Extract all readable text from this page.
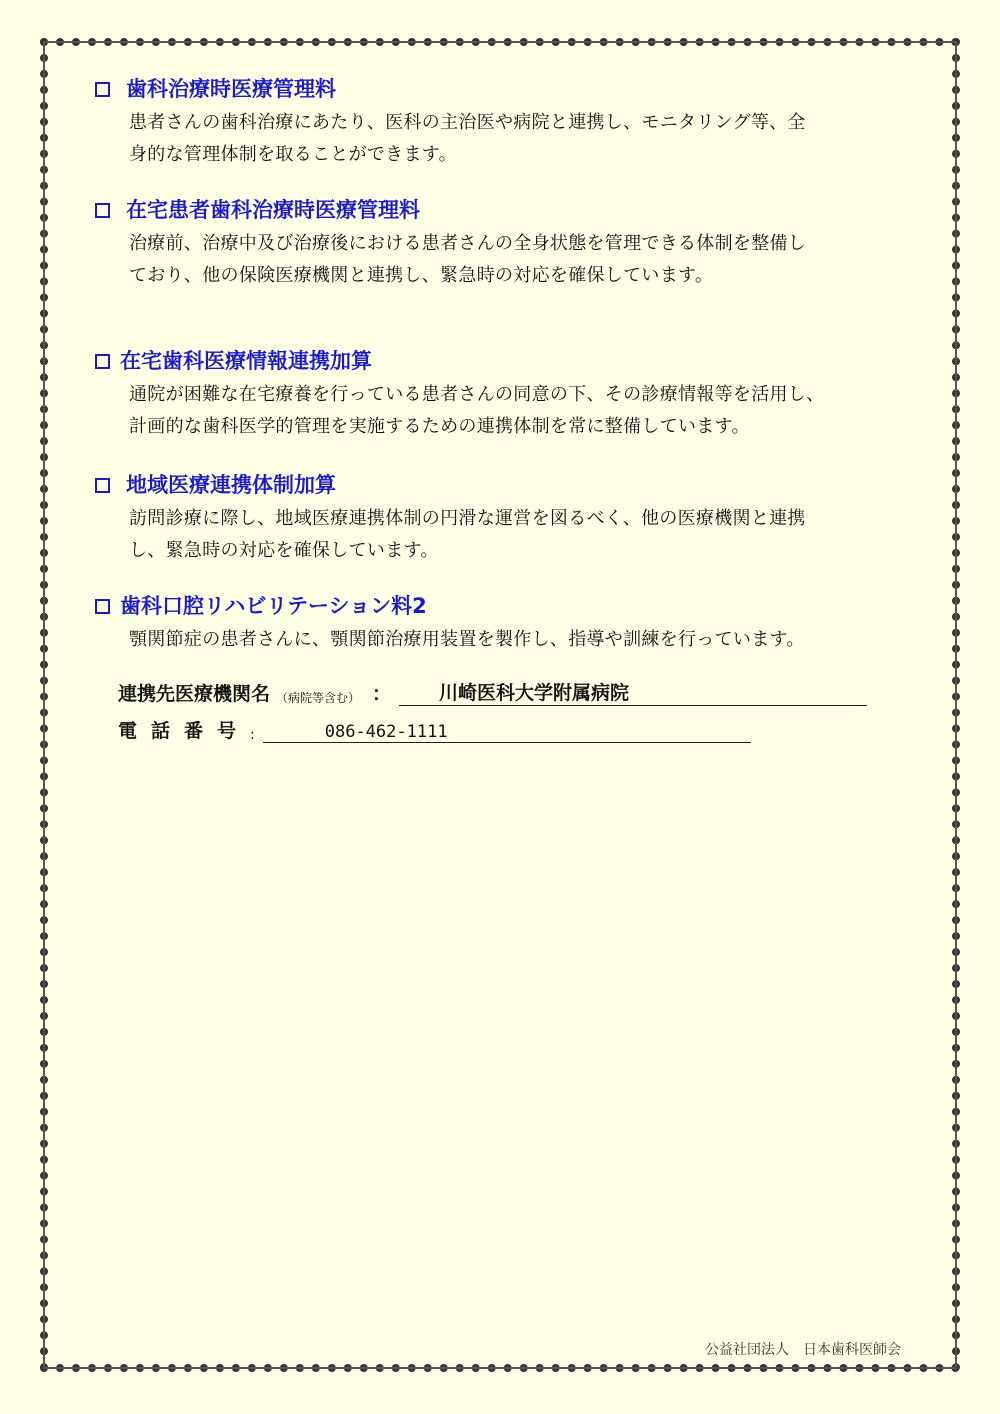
歯科治療時医療管理料
患者さんの歯科治療にあたり、医科の主治医や病院と連携し、モニタリング等、全
身的な管理体制を取ることができます。
在宅患者歯科治療時医療管理料
治療前、治療中及び治療後における患者さんの全身状態を管理できる体制を整備し
ており、他の保険医療機関と連携し、緊急時の対応を確保しています。
在宅歯科医療情報連携加算
通院が困難な在宅療養を行っている患者さんの同意の下、その診療情報等を活用し、
計画的な歯科医学的管理を実施するための連携体制を常に整備しています。
地域医療連携体制加算
訪問診療に際し、地域医療連携体制の円滑な運営を図るべく、他の医療機関と連携
し、緊急時の対応を確保しています。
歯科口腔リハビリテーション料2
顎関節症の患者さんに、顎関節治療用装置を製作し、指導や訓練を行っています。
連携先医療機関名 （病院等含む） ：	川崎医科大学附属病院
電話番号 :	086-462-1111
公益社団法人　日本歯科医師会
